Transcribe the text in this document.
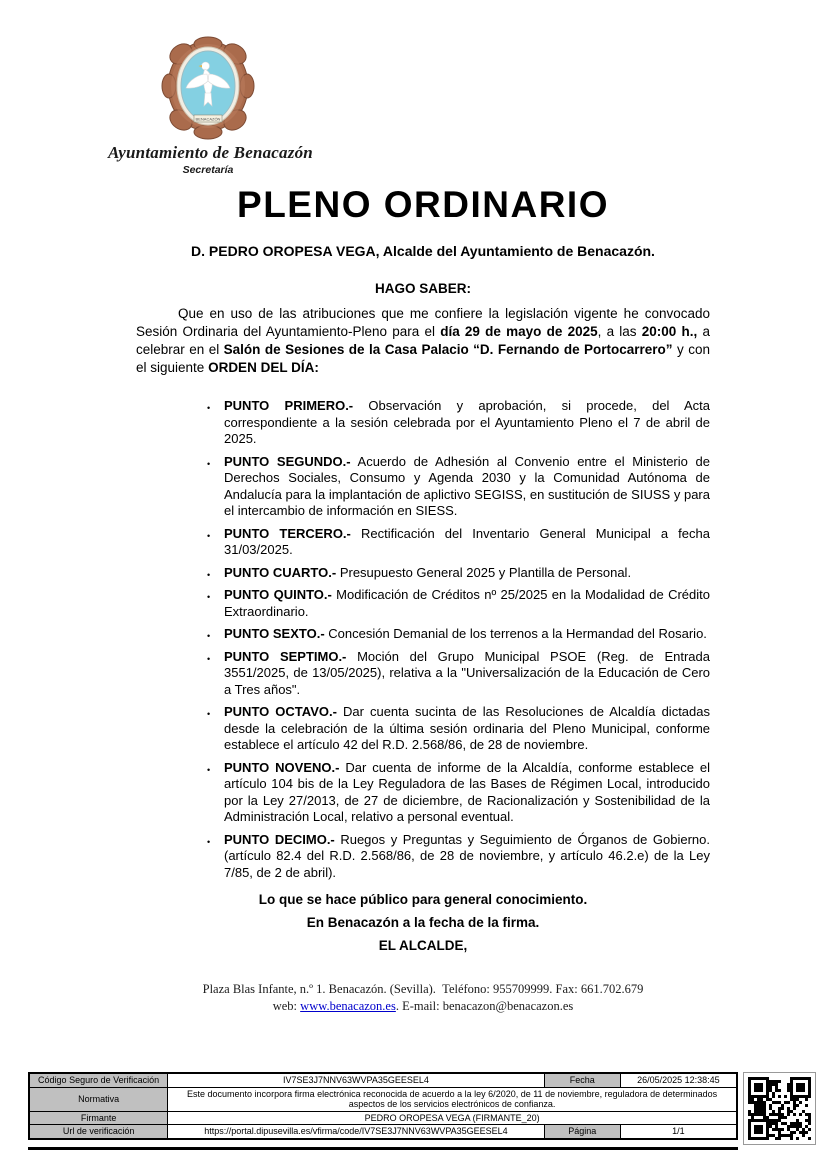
BENACAZÓN
Ayuntamiento de Benacazón
Secretaría
PLENO ORDINARIO

D. PEDRO OROPESA VEGA, Alcalde del Ayuntamiento de Benacazón.

HAGO SABER:

Que en uso de las atribuciones que me confiere la legislación vigente he convocado Sesión Ordinaria del Ayuntamiento-Pleno para el día 29 de mayo de 2025, a las 20:00 h., a celebrar en el Salón de Sesiones de la Casa Palacio “D. Fernando de Portocarrero” y con el siguiente ORDEN DEL DÍA:

• PUNTO PRIMERO.- Observación y aprobación, si procede, del Acta correspondiente a la sesión celebrada por el Ayuntamiento Pleno el 7 de abril de 2025.
• PUNTO SEGUNDO.- Acuerdo de Adhesión al Convenio entre el Ministerio de Derechos Sociales, Consumo y Agenda 2030 y la Comunidad Autónoma de Andalucía para la implantación de aplictivo SEGISS, en sustitución de SIUSS y para el intercambio de información en SIESS.
• PUNTO TERCERO.- Rectificación del Inventario General Municipal a fecha 31/03/2025.
• PUNTO CUARTO.- Presupuesto General 2025 y Plantilla de Personal.
• PUNTO QUINTO.- Modificación de Créditos nº 25/2025 en la Modalidad de Crédito Extraordinario.
• PUNTO SEXTO.- Concesión Demanial de los terrenos a la Hermandad del Rosario.
• PUNTO SEPTIMO.- Moción del Grupo Municipal PSOE (Reg. de Entrada 3551/2025, de 13/05/2025), relativa a la "Universalización de la Educación de Cero a Tres años".
• PUNTO OCTAVO.- Dar cuenta sucinta de las Resoluciones de Alcaldía dictadas desde la celebración de la última sesión ordinaria del Pleno Municipal, conforme establece el artículo 42 del R.D. 2.568/86, de 28 de noviembre.
• PUNTO NOVENO.- Dar cuenta de informe de la Alcaldía, conforme establece el artículo 104 bis de la Ley Reguladora de las Bases de Régimen Local, introducido por la Ley 27/2013, de 27 de diciembre, de Racionalización y Sostenibilidad de la Administración Local, relativo a personal eventual.
• PUNTO DECIMO.- Ruegos y Preguntas y Seguimiento de Órganos de Gobierno. (artículo 82.4 del R.D. 2.568/86, de 28 de noviembre, y artículo 46.2.e) de la Ley 7/85, de 2 de abril).
Lo que se hace público para general conocimiento.
En Benacazón a la fecha de la firma.
EL ALCALDE,
Plaza Blas Infante, n.º 1. Benacazón. (Sevilla).  Teléfono: 955709999. Fax: 661.702.679
web: www.benacazon.es. E-mail: benacazon@benacazon.es
Código Seguro de Verificación	IV7SE3J7NNV63WVPA35GEESEL4	Fecha	26/05/2025 12:38:45
Normativa	Este documento incorpora firma electrónica reconocida de acuerdo a la ley 6/2020, de 11 de noviembre, reguladora de determinados aspectos de los servicios electrónicos de confianza.		
Firmante	PEDRO OROPESA VEGA (FIRMANTE_20)		
Url de verificación	https://portal.dipusevilla.es/vfirma/code/IV7SE3J7NNV63WVPA35GEESEL4	Página	1/1
